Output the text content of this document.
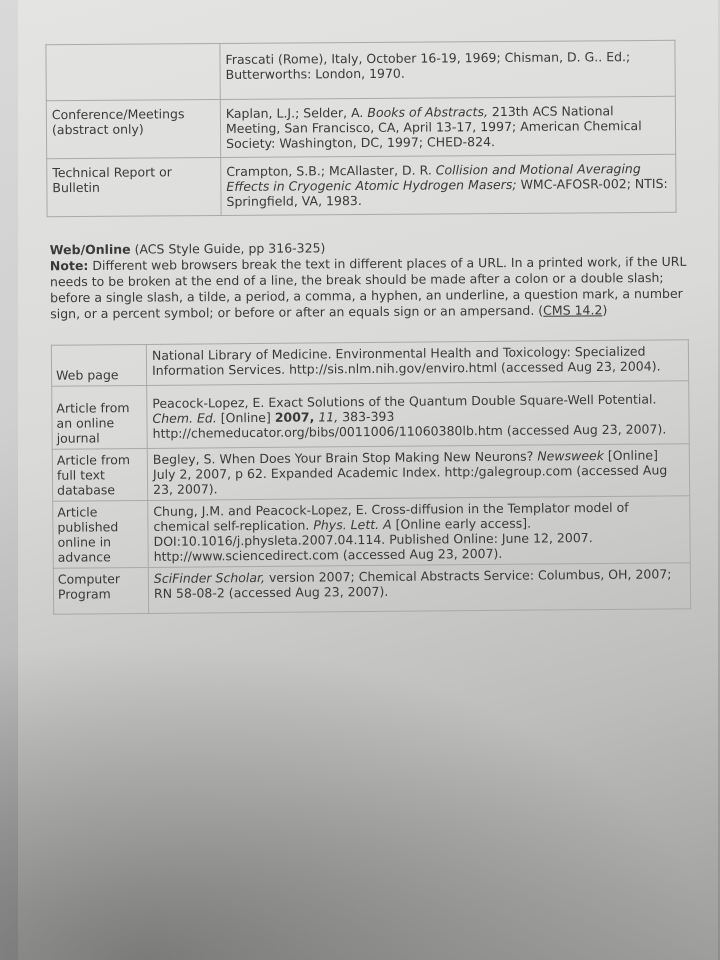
	Frascati (Rome), Italy, October 16-19, 1969; Chisman, D. G.. Ed.; Butterworths: London, 1970.
Conference/Meetings (abstract only)	Kaplan, L.J.; Selder, A. Books of Abstracts, 213th ACS National Meeting, San Francisco, CA, April 13-17, 1997; American Chemical Society: Washington, DC, 1997; CHED-824.
Technical Report or Bulletin	Crampton, S.B.; McAllaster, D. R. Collision and Motional Averaging Effects in Cryogenic Atomic Hydrogen Masers; WMC-AFOSR-002; NTIS: Springfield, VA, 1983.
Web/Online (ACS Style Guide, pp 316-325)
Note: Different web browsers break the text in different places of a URL. In a printed work, if the URL needs to be broken at the end of a line, the break should be made after a colon or a double slash; before a single slash, a tilde, a period, a comma, a hyphen, an underline, a question mark, a number sign, or a percent symbol; or before or after an equals sign or an ampersand. (CMS 14.2)
Web page	National Library of Medicine. Environmental Health and Toxicology: Specialized Information Services. http://sis.nlm.nih.gov/enviro.html (accessed Aug 23, 2004).
Article from an online journal	Peacock-Lopez, E. Exact Solutions of the Quantum Double Square-Well Potential. Chem. Ed. [Online] 2007, 11, 383-393 http://chemeducator.org/bibs/0011006/11060380lb.htm (accessed Aug 23, 2007).
Article from full text database	Begley, S. When Does Your Brain Stop Making New Neurons? Newsweek [Online] July 2, 2007, p 62. Expanded Academic Index. http:/galegroup.com (accessed Aug 23, 2007).
Article published online in advance	Chung, J.M. and Peacock-Lopez, E. Cross-diffusion in the Templator model of chemical self-replication. Phys. Lett. A [Online early access]. DOI:10.1016/j.physleta.2007.04.114. Published Online: June 12, 2007. http://www.sciencedirect.com (accessed Aug 23, 2007).
Computer Program	SciFinder Scholar, version 2007; Chemical Abstracts Service: Columbus, OH, 2007; RN 58-08-2 (accessed Aug 23, 2007).
